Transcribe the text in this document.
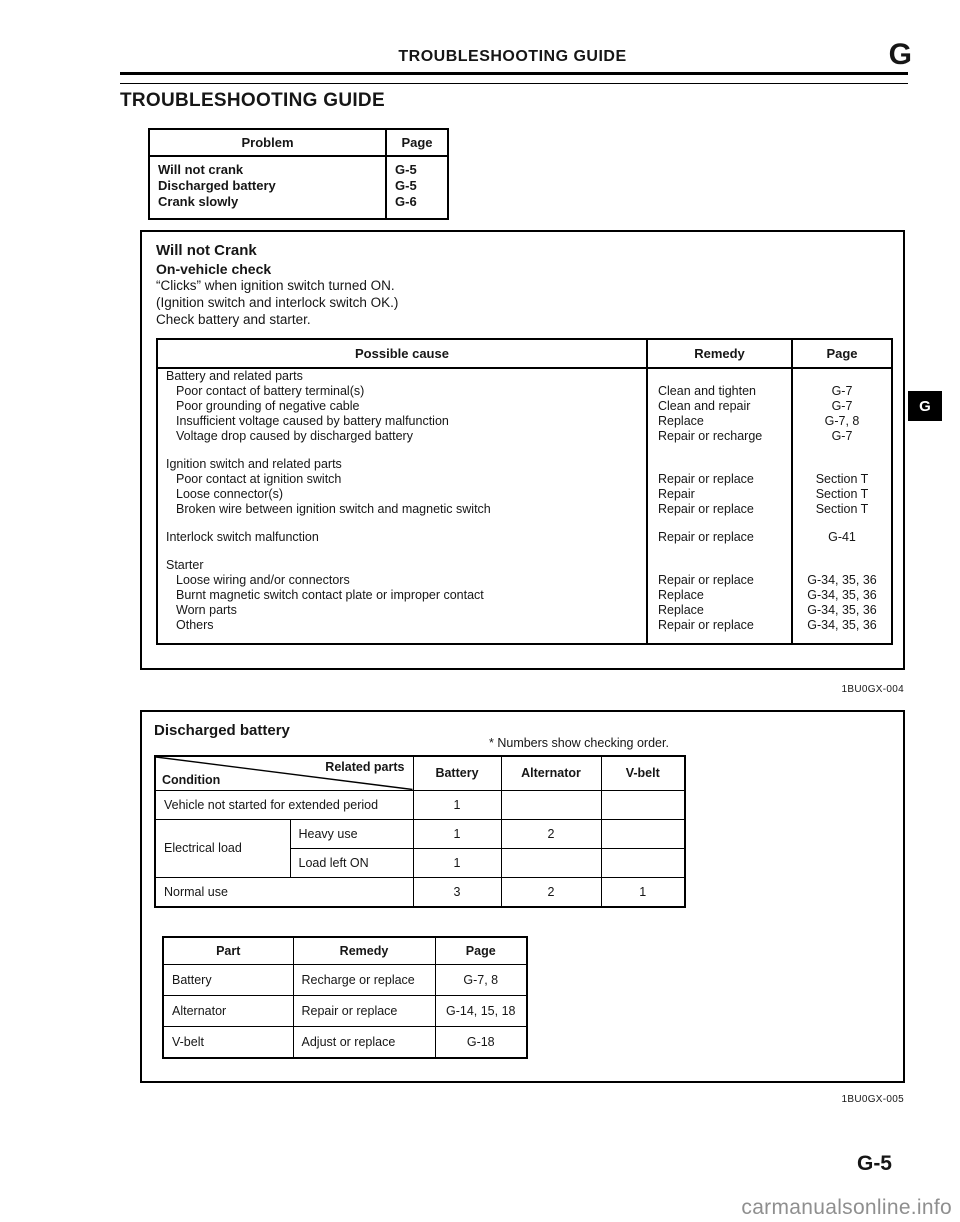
TROUBLESHOOTING GUIDE	G
TROUBLESHOOTING GUIDE
Problem	Page
Will not crank	G-5
Discharged battery	G-5
Crank slowly	G-6
Will not Crank
On-vehicle check
“Clicks” when ignition switch turned ON.
(Ignition switch and interlock switch OK.)
Check battery and starter.
Possible cause	Remedy	Page
Battery and related parts		
Poor contact of battery terminal(s)	Clean and tighten	G-7
Poor grounding of negative cable	Clean and repair	G-7
Insufficient voltage caused by battery malfunction	Replace	G-7, 8
Voltage drop caused by discharged battery	Repair or recharge	G-7
Ignition switch and related parts		
Poor contact at ignition switch	Repair or replace	Section T
Loose connector(s)	Repair	Section T
Broken wire between ignition switch and magnetic switch	Repair or replace	Section T
Interlock switch malfunction	Repair or replace	G-41
Starter		
Loose wiring and/or connectors	Repair or replace	G-34, 35, 36
Burnt magnetic switch contact plate or improper contact	Replace	G-34, 35, 36
Worn parts	Replace	G-34, 35, 36
Others	Repair or replace	G-34, 35, 36
1BU0GX-004
Discharged battery
* Numbers show checking order.
Related parts
Condition		Battery	Alternator	V-belt
Vehicle not started for extended period		1		
Electrical load	Heavy use	1	2	
	Load left ON	1		
Normal use		3	2	1
Part	Remedy	Page
Battery	Recharge or replace	G-7, 8
Alternator	Repair or replace	G-14, 15, 18
V-belt	Adjust or replace	G-18
1BU0GX-005
G
G-5
carmanualsonline.info
